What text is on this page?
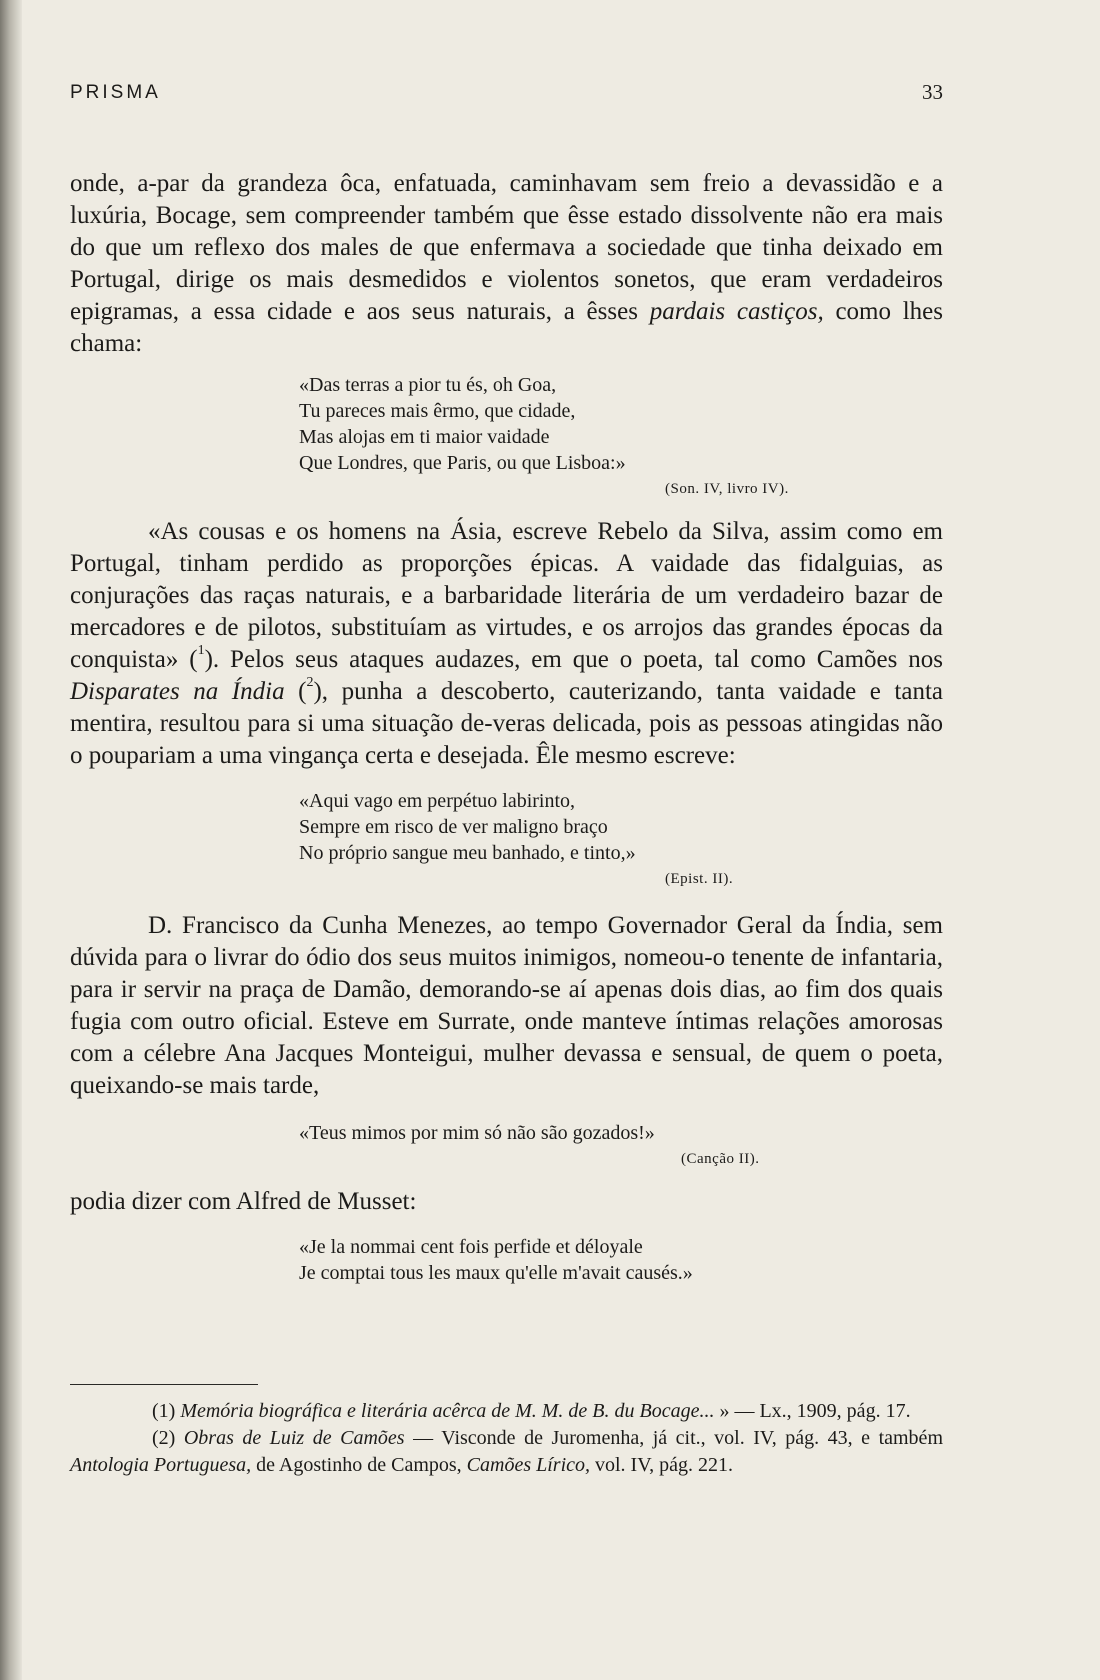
PRISMA	33

onde, a-par da grandeza ôca, enfatuada, caminhavam sem freio a devassidão e a luxúria, Bocage, sem compreender também que êsse estado dissolvente não era mais do que um reflexo dos males de que enfermava a sociedade que tinha deixado em Portugal, dirige os mais desmedidos e violentos sonetos, que eram verdadeiros epigramas, a essa cidade e aos seus naturais, a êsses pardais castiços, como lhes chama:

«Das terras a pior tu és, oh Goa,
Tu pareces mais êrmo, que cidade,
Mas alojas em ti maior vaidade
Que Londres, que Paris, ou que Lisboa:»

(Son. IV, livro IV).

«As cousas e os homens na Ásia, escreve Rebelo da Silva, assim como em Portugal, tinham perdido as proporções épicas. A vaidade das fidalguias, as conjurações das raças naturais, e a barbaridade literária de um verdadeiro bazar de mercadores e de pilotos, substituíam as virtudes, e os arrojos das grandes épocas da conquista» ($^1$). Pelos seus ataques audazes, em que o poeta, tal como Camões nos Disparates na Índia ($^2$), punha a descoberto, cauterizando, tanta vaidade e tanta mentira, resultou para si uma situação de-veras delicada, pois as pessoas atingidas não o poupariam a uma vingança certa e desejada. Êle mesmo escreve:

«Aqui vago em perpétuo labirinto,
Sempre em risco de ver maligno braço
No próprio sangue meu banhado, e tinto,»

(Epist. II).

D. Francisco da Cunha Menezes, ao tempo Governador Geral da Índia, sem dúvida para o livrar do ódio dos seus muitos inimigos, nomeou-o tenente de infantaria, para ir servir na praça de Damão, demorando-se aí apenas dois dias, ao fim dos quais fugia com outro oficial. Esteve em Surrate, onde manteve íntimas relações amorosas com a célebre Ana Jacques Monteigui, mulher devassa e sensual, de quem o poeta, queixando-se mais tarde,

«Teus mimos por mim só não são gozados!»

(Canção II).

podia dizer com Alfred de Musset:

«Je la nommai cent fois perfide et déloyale
Je comptai tous les maux qu'elle m'avait causés.»

(1) Memória biográfica e literária acêrca de M. M. de B. du Bocage... » — Lx., 1909, pág. 17.

(2) Obras de Luiz de Camões — Visconde de Juromenha, já cit., vol. IV, pág. 43, e também Antologia Portuguesa, de Agostinho de Campos, Camões Lírico, vol. IV, pág. 221.
